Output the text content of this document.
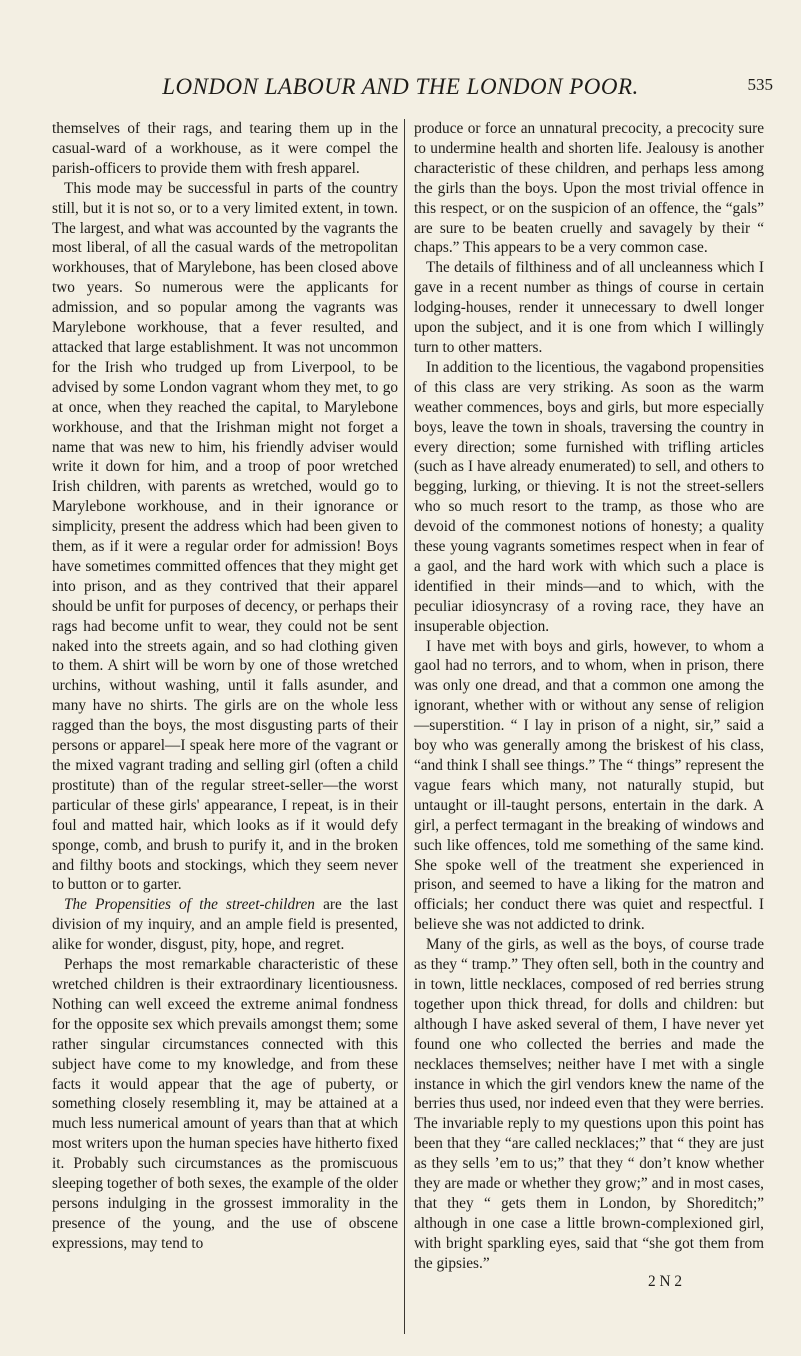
LONDON LABOUR AND THE LONDON POOR.	535

themselves of their rags, and tearing them up in the casual-ward of a workhouse, as it were compel the parish-officers to provide them with fresh apparel.

This mode may be successful in parts of the country still, but it is not so, or to a very limited extent, in town. The largest, and what was accounted by the vagrants the most liberal, of all the casual wards of the metropolitan workhouses, that of Marylebone, has been closed above two years. So numerous were the applicants for admission, and so popular among the vagrants was Marylebone workhouse, that a fever resulted, and attacked that large establishment. It was not uncommon for the Irish who trudged up from Liverpool, to be advised by some London vagrant whom they met, to go at once, when they reached the capital, to Marylebone workhouse, and that the Irishman might not forget a name that was new to him, his friendly adviser would write it down for him, and a troop of poor wretched Irish children, with parents as wretched, would go to Marylebone workhouse, and in their ignorance or simplicity, present the address which had been given to them, as if it were a regular order for admission! Boys have sometimes committed offences that they might get into prison, and as they contrived that their apparel should be unfit for purposes of decency, or perhaps their rags had become unfit to wear, they could not be sent naked into the streets again, and so had clothing given to them. A shirt will be worn by one of those wretched urchins, without washing, until it falls asunder, and many have no shirts. The girls are on the whole less ragged than the boys, the most disgusting parts of their persons or apparel—I speak here more of the vagrant or the mixed vagrant trading and selling girl (often a child prostitute) than of the regular street-seller—the worst particular of these girls' appearance, I repeat, is in their foul and matted hair, which looks as if it would defy sponge, comb, and brush to purify it, and in the broken and filthy boots and stockings, which they seem never to button or to garter.

The Propensities of the street-children are the last division of my inquiry, and an ample field is presented, alike for wonder, disgust, pity, hope, and regret.

Perhaps the most remarkable characteristic of these wretched children is their extraordinary licentiousness. Nothing can well exceed the extreme animal fondness for the opposite sex which prevails amongst them; some rather singular circumstances connected with this subject have come to my knowledge, and from these facts it would appear that the age of puberty, or something closely resembling it, may be attained at a much less numerical amount of years than that at which most writers upon the human species have hitherto fixed it. Probably such circumstances as the promiscuous sleeping together of both sexes, the example of the older persons indulging in the grossest immorality in the presence of the young, and the use of obscene expressions, may tend to

produce or force an unnatural precocity, a precocity sure to undermine health and shorten life. Jealousy is another characteristic of these children, and perhaps less among the girls than the boys. Upon the most trivial offence in this respect, or on the suspicion of an offence, the “gals” are sure to be beaten cruelly and savagely by their “ chaps.” This appears to be a very common case.

The details of filthiness and of all uncleanness which I gave in a recent number as things of course in certain lodging-houses, render it unnecessary to dwell longer upon the subject, and it is one from which I willingly turn to other matters.

In addition to the licentious, the vagabond propensities of this class are very striking. As soon as the warm weather commences, boys and girls, but more especially boys, leave the town in shoals, traversing the country in every direction; some furnished with trifling articles (such as I have already enumerated) to sell, and others to begging, lurking, or thieving. It is not the street-sellers who so much resort to the tramp, as those who are devoid of the commonest notions of honesty; a quality these young vagrants sometimes respect when in fear of a gaol, and the hard work with which such a place is identified in their minds—and to which, with the peculiar idiosyncrasy of a roving race, they have an insuperable objection.

I have met with boys and girls, however, to whom a gaol had no terrors, and to whom, when in prison, there was only one dread, and that a common one among the ignorant, whether with or without any sense of religion—superstition. “ I lay in prison of a night, sir,” said a boy who was generally among the briskest of his class, “and think I shall see things.” The “ things” represent the vague fears which many, not naturally stupid, but untaught or ill-taught persons, entertain in the dark. A girl, a perfect termagant in the breaking of windows and such like offences, told me something of the same kind. She spoke well of the treatment she experienced in prison, and seemed to have a liking for the matron and officials; her conduct there was quiet and respectful. I believe she was not addicted to drink.

Many of the girls, as well as the boys, of course trade as they “ tramp.” They often sell, both in the country and in town, little necklaces, composed of red berries strung together upon thick thread, for dolls and children: but although I have asked several of them, I have never yet found one who collected the berries and made the necklaces themselves; neither have I met with a single instance in which the girl vendors knew the name of the berries thus used, nor indeed even that they were berries. The invariable reply to my questions upon this point has been that they “are called necklaces;” that “ they are just as they sells ’em to us;” that they “ don’t know whether they are made or whether they grow;” and in most cases, that they “ gets them in London, by Shoreditch;” although in one case a little brown-complexioned girl, with bright sparkling eyes, said that “she got them from the gipsies.”

2 N 2
